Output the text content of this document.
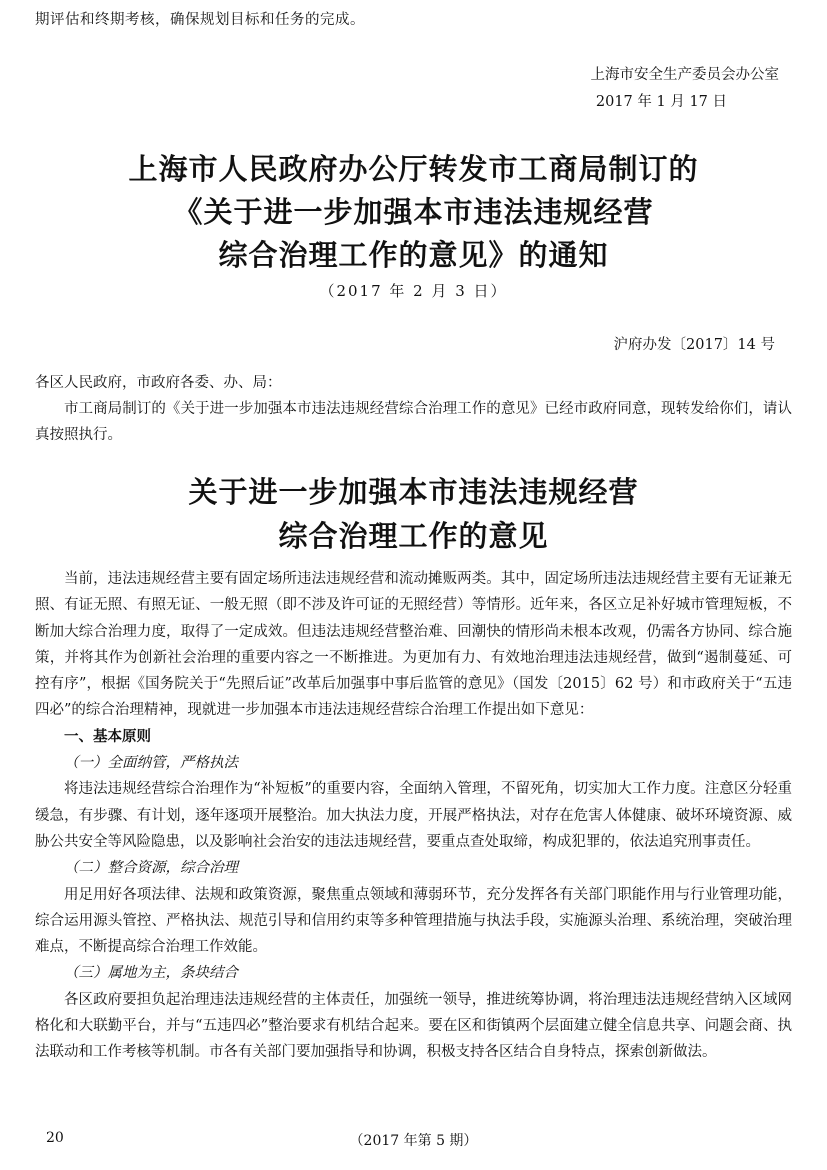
期评估和终期考核，确保规划目标和任务的完成。

上海市安全生产委员会办公室

2017 年 1 月 17 日

上海市人民政府办公厅转发市工商局制订的

《关于进一步加强本市违法违规经营

综合治理工作的意见》的通知

（2017 年 2 月 3 日）

沪府办发〔2017〕14 号

各区人民政府，市政府各委、办、局：

市工商局制订的《关于进一步加强本市违法违规经营综合治理工作的意见》已经市政府同意，现转发给你们，请认真按照执行。

关于进一步加强本市违法违规经营

综合治理工作的意见

当前，违法违规经营主要有固定场所违法违规经营和流动摊贩两类。其中，固定场所违法违规经营主要有无证兼无照、有证无照、有照无证、一般无照（即不涉及许可证的无照经营）等情形。近年来，各区立足补好城市管理短板，不断加大综合治理力度，取得了一定成效。但违法违规经营整治难、回潮快的情形尚未根本改观，仍需各方协同、综合施策，并将其作为创新社会治理的重要内容之一不断推进。为更加有力、有效地治理违法违规经营，做到“遏制蔓延、可控有序”，根据《国务院关于“先照后证”改革后加强事中事后监管的意见》（国发〔2015〕62 号）和市政府关于“五违四必”的综合治理精神，现就进一步加强本市违法违规经营综合治理工作提出如下意见：

一、基本原则

（一）全面纳管，严格执法

将违法违规经营综合治理作为“补短板”的重要内容，全面纳入管理，不留死角，切实加大工作力度。注意区分轻重缓急，有步骤、有计划，逐年逐项开展整治。加大执法力度，开展严格执法，对存在危害人体健康、破坏环境资源、威胁公共安全等风险隐患，以及影响社会治安的违法违规经营，要重点查处取缔，构成犯罪的，依法追究刑事责任。

（二）整合资源，综合治理

用足用好各项法律、法规和政策资源，聚焦重点领域和薄弱环节，充分发挥各有关部门职能作用与行业管理功能，综合运用源头管控、严格执法、规范引导和信用约束等多种管理措施与执法手段，实施源头治理、系统治理，突破治理难点，不断提高综合治理工作效能。

（三）属地为主，条块结合

各区政府要担负起治理违法违规经营的主体责任，加强统一领导，推进统筹协调，将治理违法违规经营纳入区域网格化和大联勤平台，并与“五违四必”整治要求有机结合起来。要在区和街镇两个层面建立健全信息共享、问题会商、执法联动和工作考核等机制。市各有关部门要加强指导和协调，积极支持各区结合自身特点，探索创新做法。

20	（2017 年第 5 期）
